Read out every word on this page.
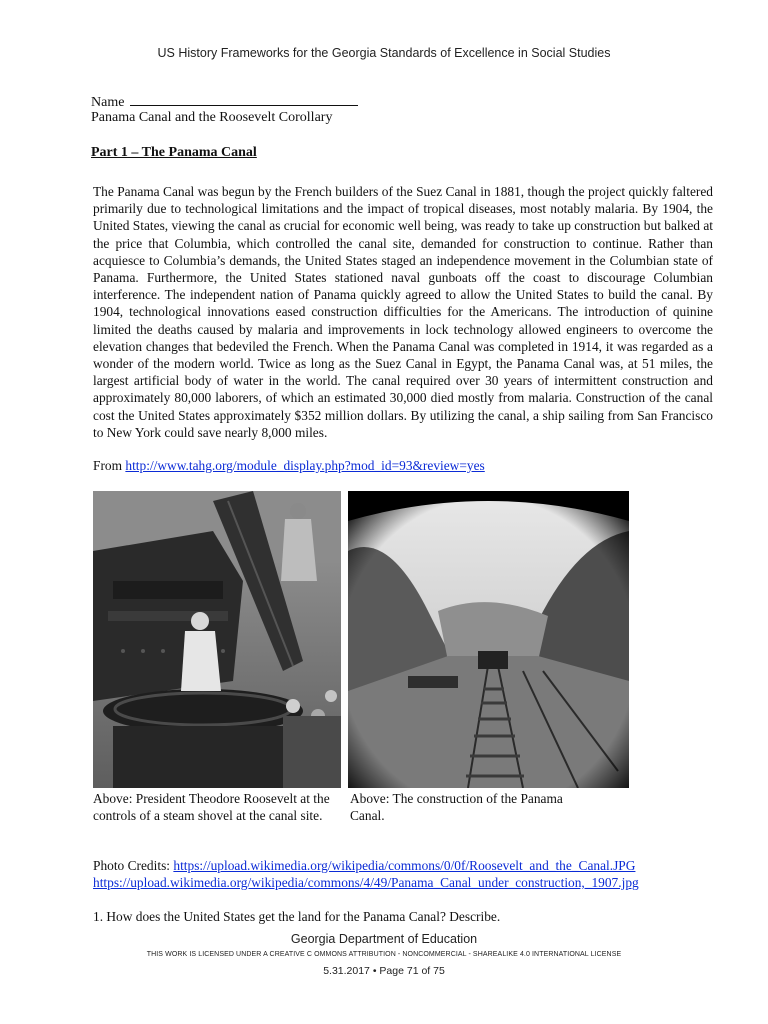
US History Frameworks for the Georgia Standards of Excellence in Social Studies
Name
Panama Canal and the Roosevelt Corollary
Part 1 – The Panama Canal

The Panama Canal was begun by the French builders of the Suez Canal in 1881, though the project quickly faltered primarily due to technological limitations and the impact of tropical diseases, most notably malaria. By 1904, the United States, viewing the canal as crucial for economic well being, was ready to take up construction but balked at the price that Columbia, which controlled the canal site, demanded for construction to continue. Rather than acquiesce to Columbia’s demands, the United States staged an independence movement in the Columbian state of Panama. Furthermore, the United States stationed naval gunboats off the coast to discourage Columbian interference. The independent nation of Panama quickly agreed to allow the United States to build the canal. By 1904, technological innovations eased construction difficulties for the Americans. The introduction of quinine limited the deaths caused by malaria and improvements in lock technology allowed engineers to overcome the elevation changes that bedeviled the French. When the Panama Canal was completed in 1914, it was regarded as a wonder of the modern world. Twice as long as the Suez Canal in Egypt, the Panama Canal was, at 51 miles, the largest artificial body of water in the world. The canal required over 30 years of intermittent construction and approximately 80,000 laborers, of which an estimated 30,000 died mostly from malaria. Construction of the canal cost the United States approximately $352 million dollars. By utilizing the canal, a ship sailing from San Francisco to New York could save nearly 8,000 miles.

From http://www.tahg.org/module_display.php?mod_id=93&review=yes
Above: President Theodore Roosevelt at the controls of a steam shovel at the canal site.
Above: The construction of the Panama Canal.
Photo Credits: https://upload.wikimedia.org/wikipedia/commons/0/0f/Roosevelt_and_the_Canal.JPG
https://upload.wikimedia.org/wikipedia/commons/4/49/Panama_Canal_under_construction,_1907.jpg
1. How does the United States get the land for the Panama Canal? Describe.
Georgia Department of Education
THIS WORK IS LICENSED UNDER A CREATIVE C OMMONS ATTRIBUTION - NONCOMMERCIAL - SHAREALIKE 4.0 INTERNATIONAL LICENSE
5.31.2017 • Page 71 of 75
